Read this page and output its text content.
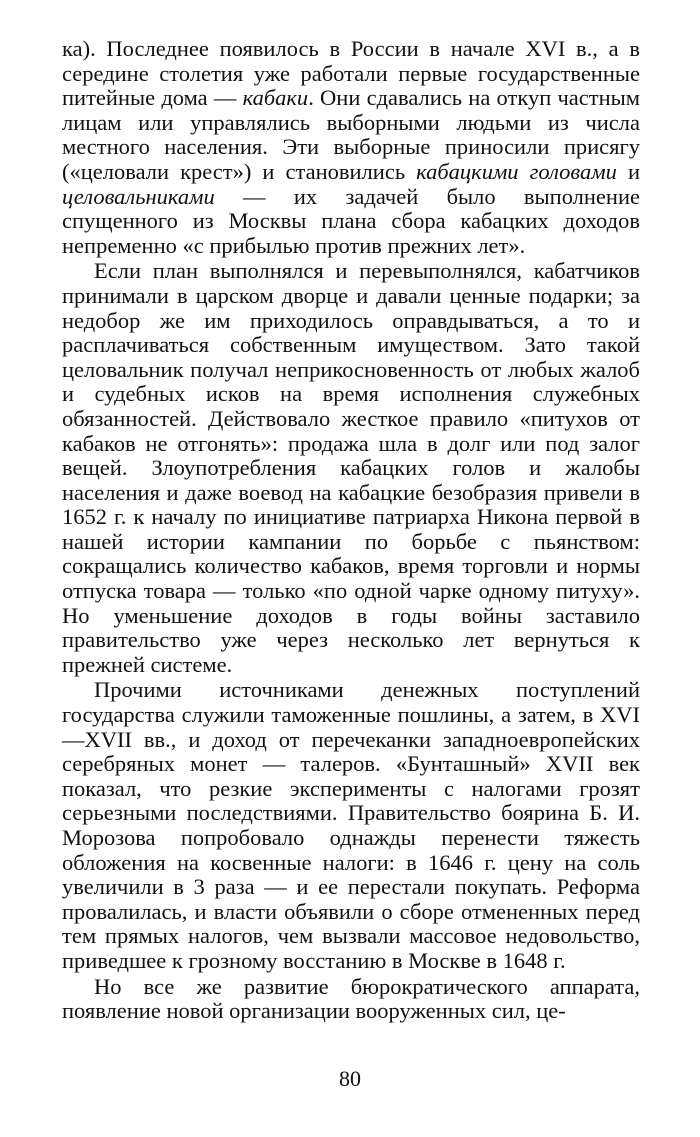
ка). Последнее появилось в России в начале XVI в., а в середине столетия уже работали первые государственные питейные дома — кабаки. Они сдавались на откуп частным лицам или управлялись выборными людьми из числа местного населения. Эти выборные приносили присягу («целовали крест») и становились кабацкими головами и целовальниками — их задачей было выполнение спущенного из Москвы плана сбора кабацких доходов непременно «с прибылью против прежних лет».

Если план выполнялся и перевыполнялся, кабатчиков принимали в царском дворце и давали ценные подарки; за недобор же им приходилось оправдываться, а то и расплачиваться собственным имуществом. Зато такой целовальник получал неприкосновенность от любых жалоб и судебных исков на время исполнения служебных обязанностей. Действовало жесткое правило «питухов от кабаков не отгонять»: продажа шла в долг или под залог вещей. Злоупотребления кабацких голов и жалобы населения и даже воевод на кабацкие безобразия привели в 1652 г. к началу по инициативе патриарха Никона первой в нашей истории кампании по борьбе с пьянством: сокращались количество кабаков, время торговли и нормы отпуска товара — только «по одной чарке одному питуху». Но уменьшение доходов в годы войны заставило правительство уже через несколько лет вернуться к прежней системе.

Прочими источниками денежных поступлений государства служили таможенные пошлины, а затем, в XVI—XVII вв., и доход от перечеканки западноевропейских серебряных монет — талеров. «Бунташный» XVII век показал, что резкие эксперименты с налогами грозят серьезными последствиями. Правительство боярина Б. И. Морозова попробовало однажды перенести тяжесть обложения на косвенные налоги: в 1646 г. цену на соль увеличили в 3 раза — и ее перестали покупать. Реформа провалилась, и власти объявили о сборе отмененных перед тем прямых налогов, чем вызвали массовое недовольство, приведшее к грозному восстанию в Москве в 1648 г.

Но все же развитие бюрократического аппарата, появление новой организации вооруженных сил, це-

80
